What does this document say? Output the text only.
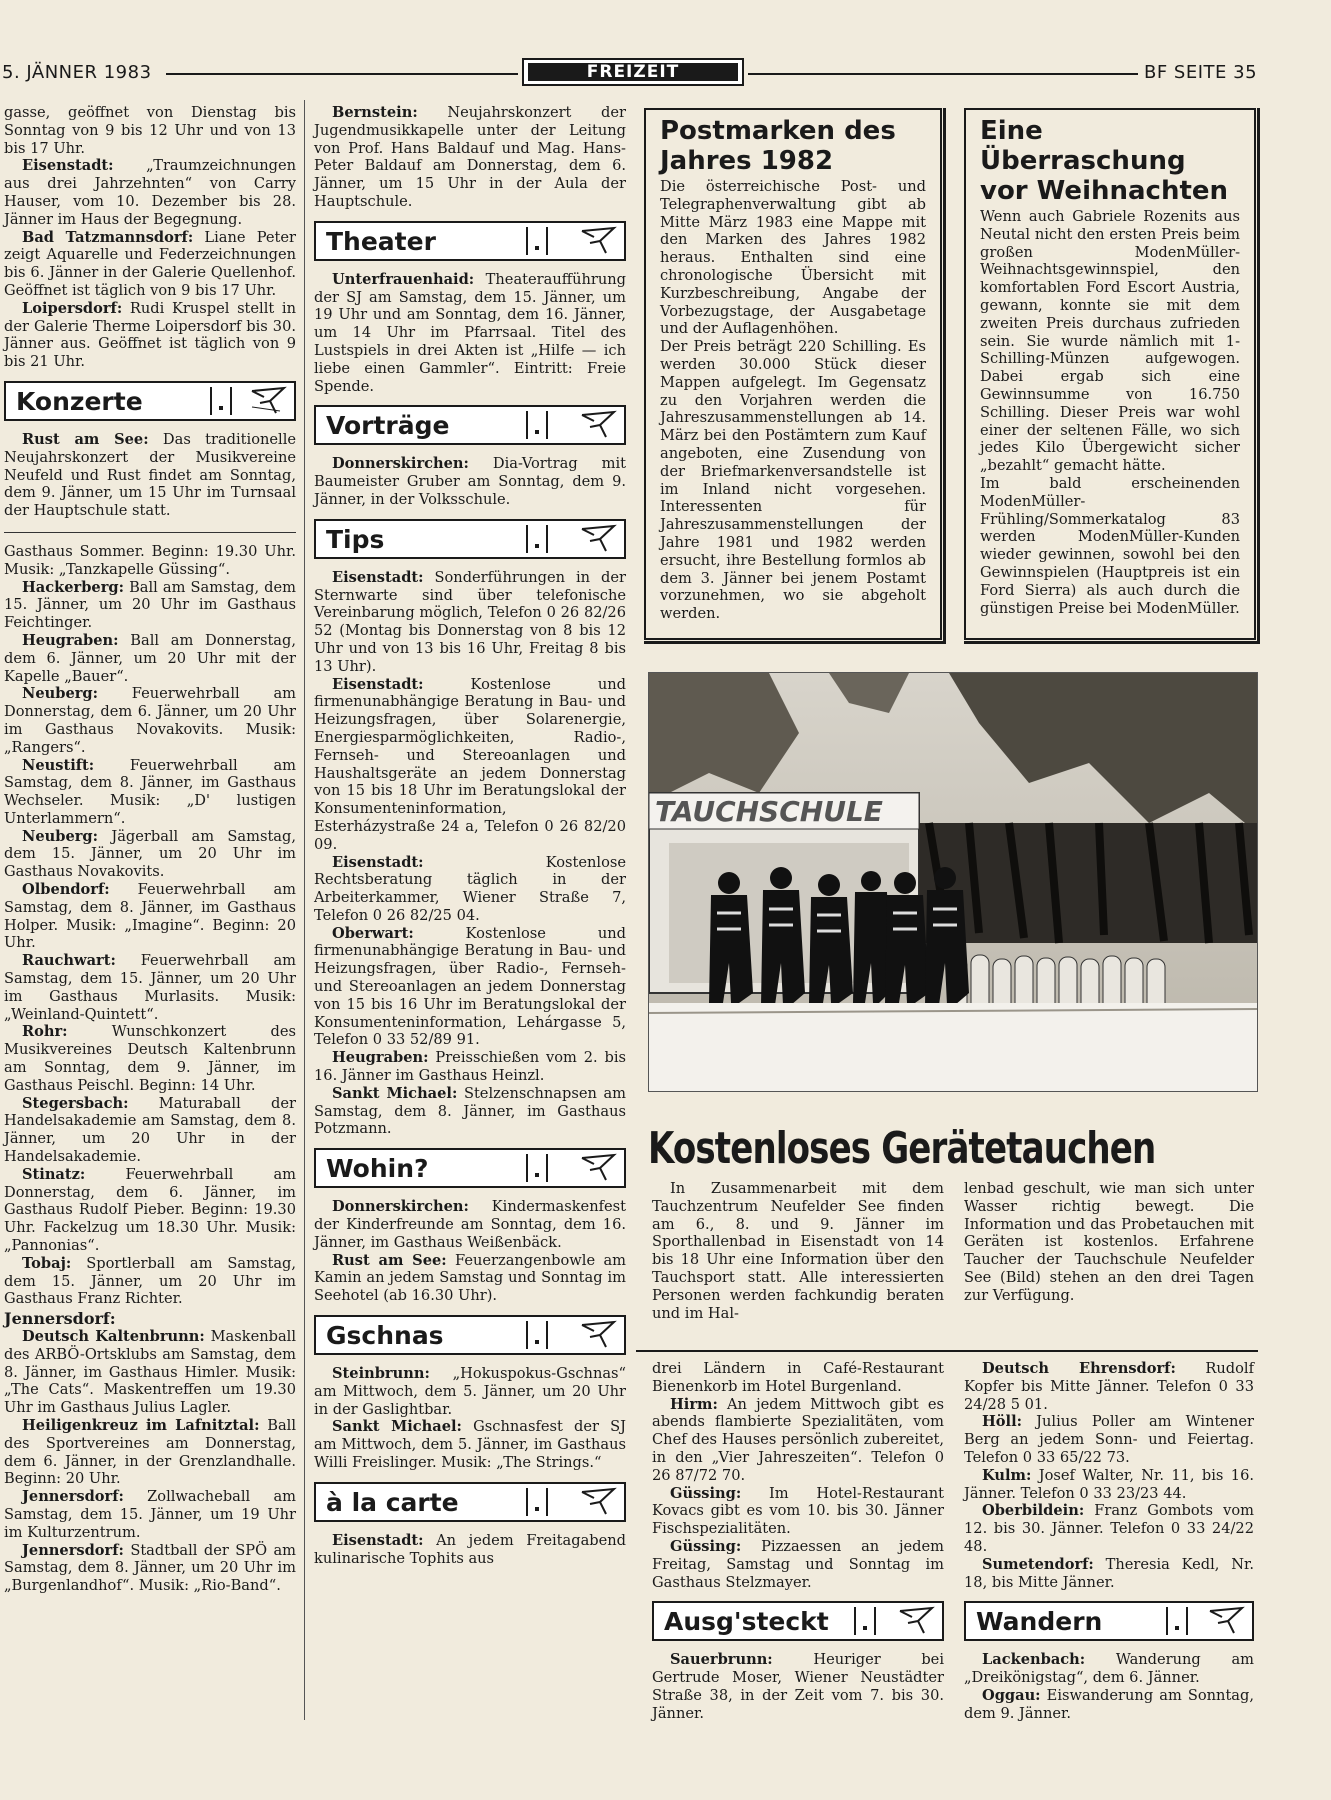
5. JÄNNER 1983	FREIZEIT	BF SEITE 35

gasse, geöffnet von Dienstag bis Sonntag von 9 bis 12 Uhr und von 13 bis 17 Uhr.

Eisenstadt: „Traumzeichnungen aus drei Jahrzehnten“ von Carry Hauser, vom 10. Dezember bis 28. Jänner im Haus der Begegnung.

Bad Tatzmannsdorf: Liane Peter zeigt Aquarelle und Federzeichnungen bis 6. Jänner in der Galerie Quellenhof. Geöffnet ist täglich von 9 bis 17 Uhr.

Loipersdorf: Rudi Kruspel stellt in der Galerie Therme Loipersdorf bis 30. Jänner aus. Geöffnet ist täglich von 9 bis 21 Uhr.

Konzerte

Rust am See: Das traditionelle Neujahrskonzert der Musikvereine Neufeld und Rust findet am Sonntag, dem 9. Jänner, um 15 Uhr im Turnsaal der Hauptschule statt.

Gasthaus Sommer. Beginn: 19.30 Uhr. Musik: „Tanzkapelle Güssing“.

Hackerberg: Ball am Samstag, dem 15. Jänner, um 20 Uhr im Gasthaus Feichtinger.

Heugraben: Ball am Donnerstag, dem 6. Jänner, um 20 Uhr mit der Kapelle „Bauer“.

Neuberg: Feuerwehrball am Donnerstag, dem 6. Jänner, um 20 Uhr im Gasthaus Novakovits. Musik: „Rangers“.

Neustift: Feuerwehrball am Samstag, dem 8. Jänner, im Gasthaus Wechseler. Musik: „D' lustigen Unterlammern“.

Neuberg: Jägerball am Samstag, dem 15. Jänner, um 20 Uhr im Gasthaus Novakovits.

Olbendorf: Feuerwehrball am Samstag, dem 8. Jänner, im Gasthaus Holper. Musik: „Imagine“. Beginn: 20 Uhr.

Rauchwart: Feuerwehrball am Samstag, dem 15. Jänner, um 20 Uhr im Gasthaus Murlasits. Musik: „Weinland-Quintett“.

Rohr: Wunschkonzert des Musikvereines Deutsch Kaltenbrunn am Sonntag, dem 9. Jänner, im Gasthaus Peischl. Beginn: 14 Uhr.

Stegersbach: Maturaball der Handelsakademie am Samstag, dem 8. Jänner, um 20 Uhr in der Handelsakademie.

Stinatz: Feuerwehrball am Donnerstag, dem 6. Jänner, im Gasthaus Rudolf Pieber. Beginn: 19.30 Uhr. Fackelzug um 18.30 Uhr. Musik: „Pannonias“.

Tobaj: Sportlerball am Samstag, dem 15. Jänner, um 20 Uhr im Gasthaus Franz Richter.

Jennersdorf:

Deutsch Kaltenbrunn: Maskenball des ARBÖ-Ortsklubs am Samstag, dem 8. Jänner, im Gasthaus Himler. Musik: „The Cats“. Maskentreffen um 19.30 Uhr im Gasthaus Julius Lagler.

Heiligenkreuz im Lafnitztal: Ball des Sportvereines am Donnerstag, dem 6. Jänner, in der Grenzlandhalle. Beginn: 20 Uhr.

Jennersdorf: Zollwacheball am Samstag, dem 15. Jänner, um 19 Uhr im Kulturzentrum.

Jennersdorf: Stadtball der SPÖ am Samstag, dem 8. Jänner, um 20 Uhr im „Burgenlandhof“. Musik: „Rio-Band“.

Bernstein: Neujahrskonzert der Jugendmusikkapelle unter der Leitung von Prof. Hans Baldauf und Mag. Hans-Peter Baldauf am Donnerstag, dem 6. Jänner, um 15 Uhr in der Aula der Hauptschule.

Theater

Unterfrauenhaid: Theateraufführung der SJ am Samstag, dem 15. Jänner, um 19 Uhr und am Sonntag, dem 16. Jänner, um 14 Uhr im Pfarrsaal. Titel des Lustspiels in drei Akten ist „Hilfe — ich liebe einen Gammler“. Eintritt: Freie Spende.

Vorträge

Donnerskirchen: Dia-Vortrag mit Baumeister Gruber am Sonntag, dem 9. Jänner, in der Volksschule.

Tips

Eisenstadt: Sonderführungen in der Sternwarte sind über telefonische Vereinbarung möglich, Telefon 0 26 82/26 52 (Montag bis Donnerstag von 8 bis 12 Uhr und von 13 bis 16 Uhr, Freitag 8 bis 13 Uhr).

Eisenstadt: Kostenlose und firmenunabhängige Beratung in Bau- und Heizungsfragen, über Solarenergie, Energiesparmöglichkeiten, Radio-, Fernseh- und Stereoanlagen und Haushaltsgeräte an jedem Donnerstag von 15 bis 18 Uhr im Beratungslokal der Konsumenteninformation, Esterházystraße 24 a, Telefon 0 26 82/20 09.

Eisenstadt: Kostenlose Rechtsberatung täglich in der Arbeiterkammer, Wiener Straße 7, Telefon 0 26 82/25 04.

Oberwart: Kostenlose und firmenunabhängige Beratung in Bau- und Heizungsfragen, über Radio-, Fernseh- und Stereoanlagen an jedem Donnerstag von 15 bis 16 Uhr im Beratungslokal der Konsumenteninformation, Lehárgasse 5, Telefon 0 33 52/89 91.

Heugraben: Preisschießen vom 2. bis 16. Jänner im Gasthaus Heinzl.

Sankt Michael: Stelzenschnapsen am Samstag, dem 8. Jänner, im Gasthaus Potzmann.

Wohin?

Donnerskirchen: Kindermaskenfest der Kinderfreunde am Sonntag, dem 16. Jänner, im Gasthaus Weißenbäck.

Rust am See: Feuerzangenbowle am Kamin an jedem Samstag und Sonntag im Seehotel (ab 16.30 Uhr).

Gschnas

Steinbrunn: „Hokuspokus-Gschnas“ am Mittwoch, dem 5. Jänner, um 20 Uhr in der Gaslightbar.

Sankt Michael: Gschnasfest der SJ am Mittwoch, dem 5. Jänner, im Gasthaus Willi Freislinger. Musik: „The Strings.“

à la carte

Eisenstadt: An jedem Freitagabend kulinarische Tophits aus

Postmarken des Jahres 1982

Die österreichische Post- und Telegraphenverwaltung gibt ab Mitte März 1983 eine Mappe mit den Marken des Jahres 1982 heraus. Enthalten sind eine chronologische Übersicht mit Kurzbeschreibung, Angabe der Vorbezugstage, der Ausgabetage und der Auflagenhöhen.

Der Preis beträgt 220 Schilling. Es werden 30.000 Stück dieser Mappen aufgelegt. Im Gegensatz zu den Vorjahren werden die Jahreszusammenstellungen ab 14. März bei den Postämtern zum Kauf angeboten, eine Zusendung von der Briefmarkenversandstelle ist im Inland nicht vorgesehen. Interessenten für Jahreszusammenstellungen der Jahre 1981 und 1982 werden ersucht, ihre Bestellung formlos ab dem 3. Jänner bei jenem Postamt vorzunehmen, wo sie abgeholt werden.

Eine Überraschung vor Weihnachten

Wenn auch Gabriele Rozenits aus Neutal nicht den ersten Preis beim großen ModenMüller-Weihnachtsgewinnspiel, den komfortablen Ford Escort Austria, gewann, konnte sie mit dem zweiten Preis durchaus zufrieden sein. Sie wurde nämlich mit 1-Schilling-Münzen aufgewogen. Dabei ergab sich eine Gewinnsumme von 16.750 Schilling. Dieser Preis war wohl einer der seltenen Fälle, wo sich jedes Kilo Übergewicht sicher „bezahlt“ gemacht hätte.

Im bald erscheinenden ModenMüller-Frühling/Sommerkatalog 83 werden ModenMüller-Kunden wieder gewinnen, sowohl bei den Gewinnspielen (Hauptpreis ist ein Ford Sierra) als auch durch die günstigen Preise bei ModenMüller.

TAUCHSCHULE
Kostenloses Gerätetauchen

In Zusammenarbeit mit dem Tauchzentrum Neufelder See finden am 6., 8. und 9. Jänner im Sporthallenbad in Eisenstadt von 14 bis 18 Uhr eine Information über den Tauchsport statt. Alle interessierten Personen werden fachkundig beraten und im Hal-

lenbad geschult, wie man sich unter Wasser richtig bewegt. Die Information und das Probetauchen mit Geräten ist kostenlos. Erfahrene Taucher der Tauchschule Neufelder See (Bild) stehen an den drei Tagen zur Verfügung.

drei Ländern in Café-Restaurant Bienenkorb im Hotel Burgenland.

Hirm: An jedem Mittwoch gibt es abends flambierte Spezialitäten, vom Chef des Hauses persönlich zubereitet, in den „Vier Jahreszeiten“. Telefon 0 26 87/72 70.

Güssing: Im Hotel-Restaurant Kovacs gibt es vom 10. bis 30. Jänner Fischspezialitäten.

Güssing: Pizzaessen an jedem Freitag, Samstag und Sonntag im Gasthaus Stelzmayer.

Ausg'steckt

Sauerbrunn: Heuriger bei Gertrude Moser, Wiener Neustädter Straße 38, in der Zeit vom 7. bis 30. Jänner.

Deutsch Ehrensdorf: Rudolf Kopfer bis Mitte Jänner. Telefon 0 33 24/28 5 01.

Höll: Julius Poller am Wintener Berg an jedem Sonn- und Feiertag. Telefon 0 33 65/22 73.

Kulm: Josef Walter, Nr. 11, bis 16. Jänner. Telefon 0 33 23/23 44.

Oberbildein: Franz Gombots vom 12. bis 30. Jänner. Telefon 0 33 24/22 48.

Sumetendorf: Theresia Kedl, Nr. 18, bis Mitte Jänner.

Wandern

Lackenbach: Wanderung am „Dreikönigstag“, dem 6. Jänner.

Oggau: Eiswanderung am Sonntag, dem 9. Jänner.
